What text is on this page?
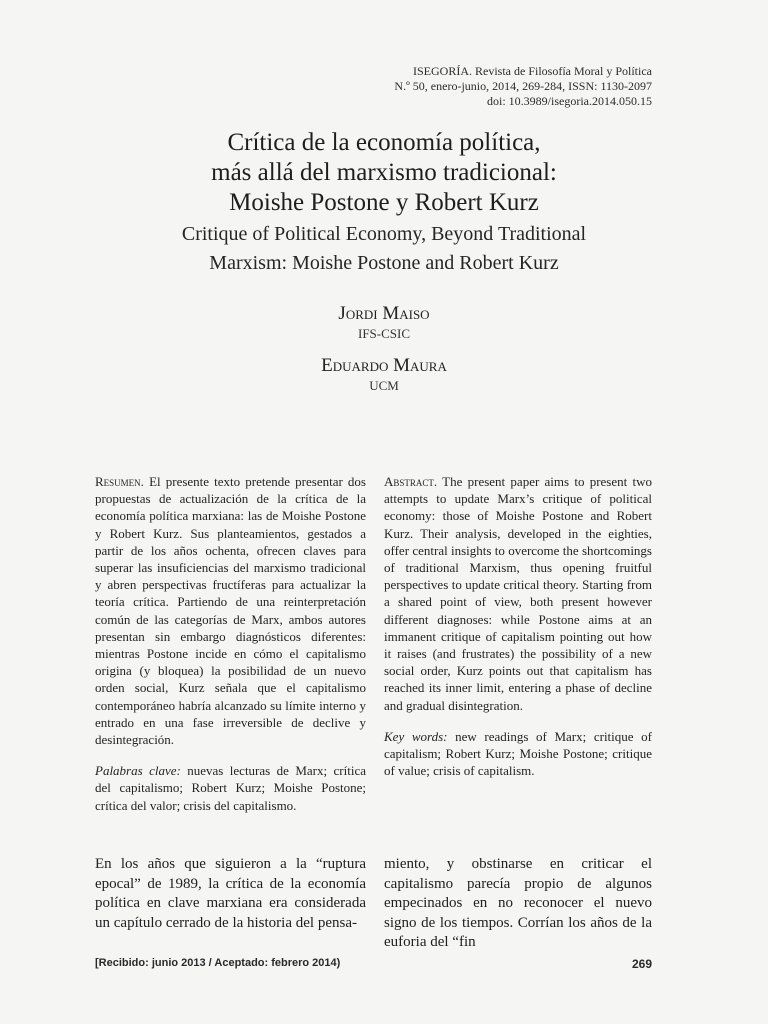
ISEGORÍA. Revista de Filosofía Moral y Política
N.º 50, enero-junio, 2014, 269-284, ISSN: 1130-2097
doi: 10.3989/isegoria.2014.050.15
Crítica de la economía política,
más allá del marxismo tradicional:
Moishe Postone y Robert Kurz
Critique of Political Economy, Beyond Traditional
Marxism: Moishe Postone and Robert Kurz
Jordi Maiso
IFS-CSIC
Eduardo Maura
UCM
Resumen. El presente texto pretende presentar dos propuestas de actualización de la crítica de la economía política marxiana: las de Moishe Postone y Robert Kurz. Sus planteamientos, gestados a partir de los años ochenta, ofrecen claves para superar las insuficiencias del marxismo tradicional y abren perspectivas fructíferas para actualizar la teoría crítica. Partiendo de una reinterpretación común de las categorías de Marx, ambos autores presentan sin embargo diagnósticos diferentes: mientras Postone incide en cómo el capitalismo origina (y bloquea) la posibilidad de un nuevo orden social, Kurz señala que el capitalismo contemporáneo habría alcanzado su límite interno y entrado en una fase irreversible de declive y desintegración.
Palabras clave: nuevas lecturas de Marx; crítica del capitalismo; Robert Kurz; Moishe Postone; crítica del valor; crisis del capitalismo.
Abstract. The present paper aims to present two attempts to update Marx’s critique of political economy: those of Moishe Postone and Robert Kurz. Their analysis, developed in the eighties, offer central insights to overcome the shortcomings of traditional Marxism, thus opening fruitful perspectives to update critical theory. Starting from a shared point of view, both present however different diagnoses: while Postone aims at an immanent critique of capitalism pointing out how it raises (and frustrates) the possibility of a new social order, Kurz points out that capitalism has reached its inner limit, entering a phase of decline and gradual disintegration.
Key words: new readings of Marx; critique of capitalism; Robert Kurz; Moishe Postone; critique of value; crisis of capitalism.
En los años que siguieron a la “ruptura epocal” de 1989, la crítica de la economía política en clave marxiana era considerada un capítulo cerrado de la historia del pensa-
miento, y obstinarse en criticar el capitalismo parecía propio de algunos empecinados en no reconocer el nuevo signo de los tiempos. Corrían los años de la euforia del “fin
[Recibido: junio 2013 / Aceptado: febrero 2014)	269
